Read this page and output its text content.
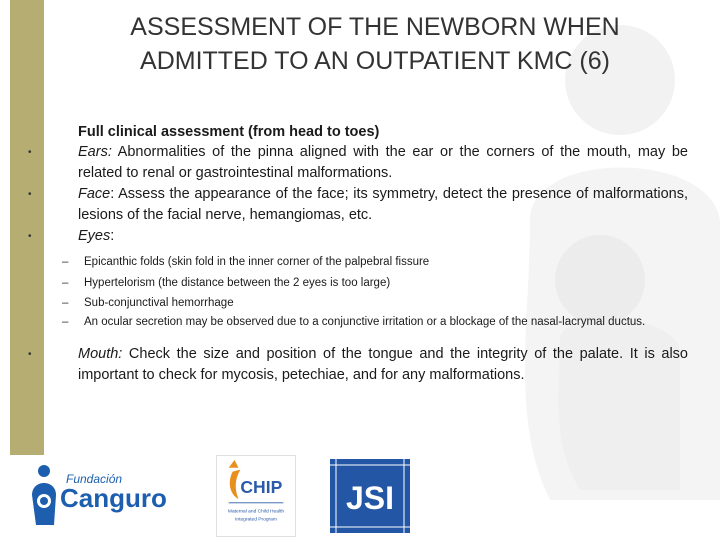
ASSESSMENT OF THE NEWBORN WHEN
ADMITTED TO AN OUTPATIENT KMC (6)
Full clinical assessment (from head to toes)
• Ears: Abnormalities of the pinna aligned with the ear or the corners of the mouth, may be related to renal or gastrointestinal malformations.
• Face: Assess the appearance of the face; its symmetry, detect the presence of malformations, lesions of the facial nerve, hemangiomas, etc.
• Eyes:
– Epicanthic folds (skin fold in the inner corner of the palpebral fissure
– Hypertelorism (the distance between the 2 eyes is too large)
– Sub-conjunctival hemorrhage
– An ocular secretion may be observed due to a conjunctive irritation or a blockage of the nasal-lacrymal ductus.
• Mouth: Check the size and position of the tongue and the integrity of the palate. It is also important to check for mycosis, petechiae, and for any malformations.
Fundación
Canguro	CHIP
Maternal and Child Health
Integrated Program
JSI
